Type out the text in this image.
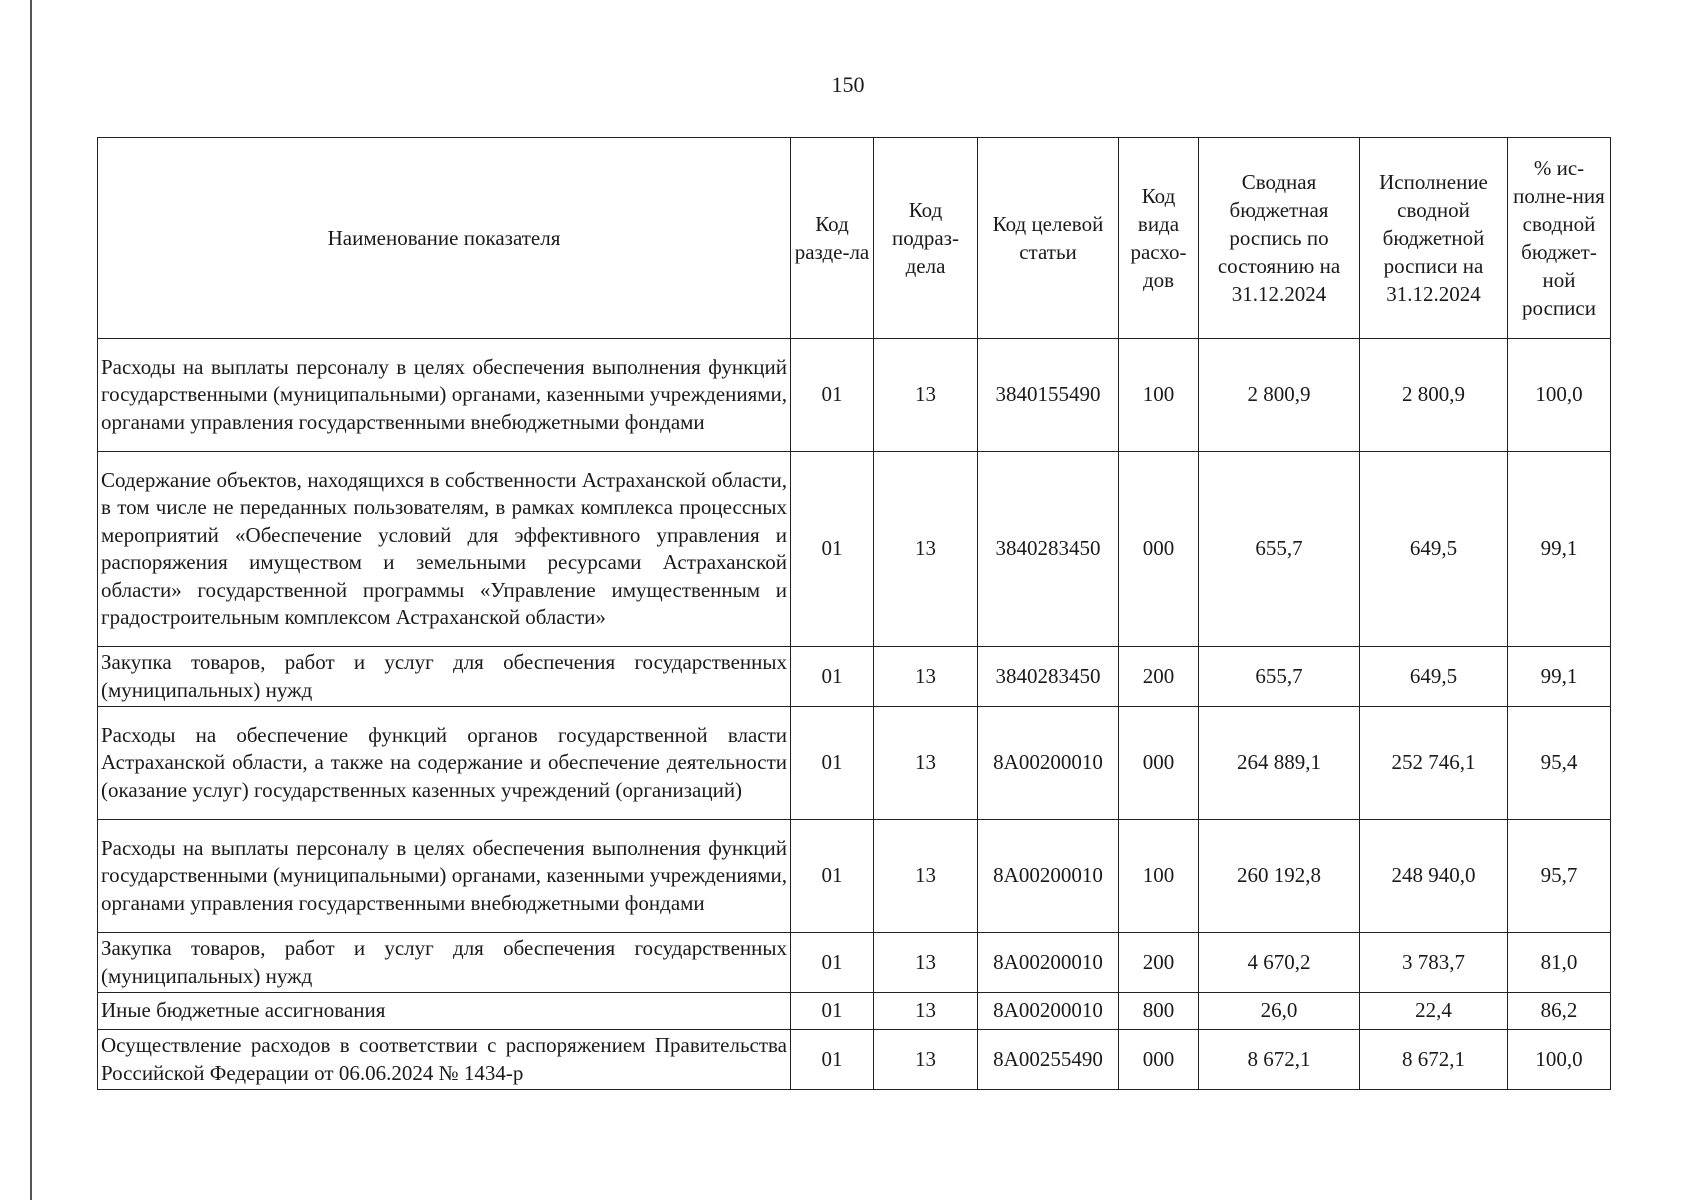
150
Наименование показателя	Код разде-ла	Код подраз-дела	Код целевой статьи	Код вида расхо-дов	Сводная бюджетная роспись по состоянию на 31.12.2024	Исполнение сводной бюджетной росписи на 31.12.2024	% ис-полне-ния сводной бюджет-ной росписи
Расходы на выплаты персоналу в целях обеспечения выполнения функций государственными (муниципальными) органами, казенными учреждениями, органами управления государственными внебюджетными фондами	01	13	3840155490	100	2 800,9	2 800,9	100,0
Содержание объектов, находящихся в собственности Астраханской области, в том числе не переданных пользователям, в рамках комплекса процессных мероприятий «Обеспечение условий для эффективного управления и распоряжения имуществом и земельными ресурсами Астраханской области» государственной программы «Управление имущественным и градостроительным комплексом Астраханской области»	01	13	3840283450	000	655,7	649,5	99,1
Закупка товаров, работ и услуг для обеспечения государственных (муниципальных) нужд	01	13	3840283450	200	655,7	649,5	99,1
Расходы на обеспечение функций органов государственной власти Астраханской области, а также на содержание и обеспечение деятельности (оказание услуг) государственных казенных учреждений (организаций)	01	13	8А00200010	000	264 889,1	252 746,1	95,4
Расходы на выплаты персоналу в целях обеспечения выполнения функций государственными (муниципальными) органами, казенными учреждениями, органами управления государственными внебюджетными фондами	01	13	8А00200010	100	260 192,8	248 940,0	95,7
Закупка товаров, работ и услуг для обеспечения государственных (муниципальных) нужд	01	13	8А00200010	200	4 670,2	3 783,7	81,0
Иные бюджетные ассигнования	01	13	8А00200010	800	26,0	22,4	86,2
Осуществление расходов в соответствии с распоряжением Правительства Российской Федерации от 06.06.2024 № 1434-р	01	13	8А00255490	000	8 672,1	8 672,1	100,0
